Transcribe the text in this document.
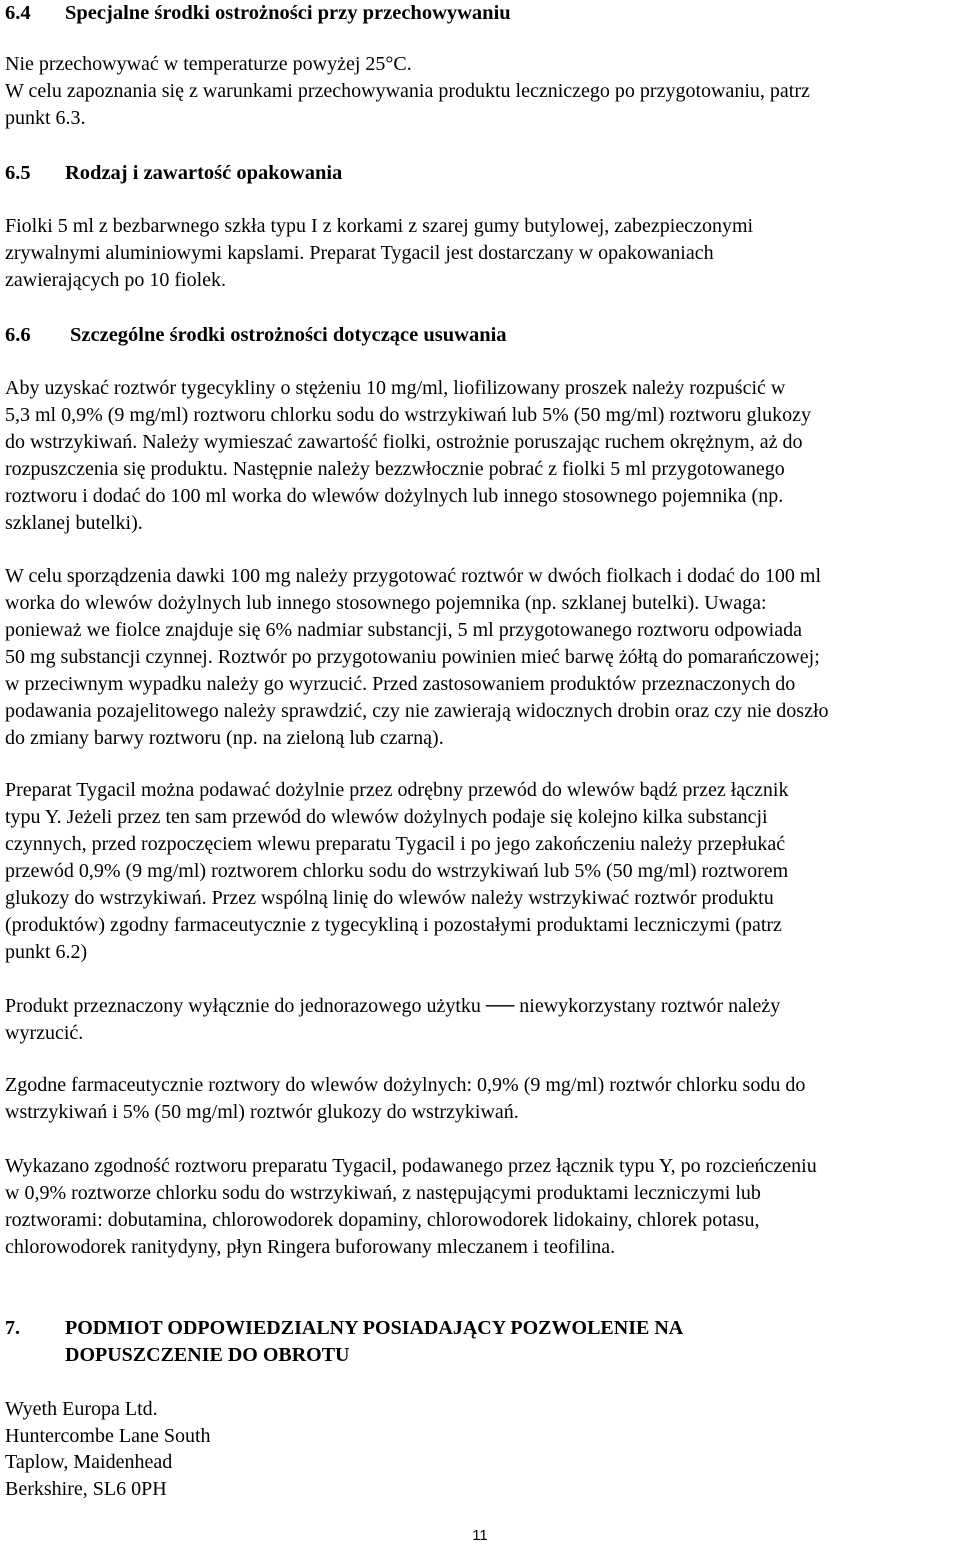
6.4 Specjalne środki ostrożności przy przechowywaniu
Nie przechowywać w temperaturze powyżej 25°C.
W celu zapoznania się z warunkami przechowywania produktu leczniczego po przygotowaniu, patrz
punkt 6.3.
6.5 Rodzaj i zawartość opakowania
Fiolki 5 ml z bezbarwnego szkła typu I z korkami z szarej gumy butylowej, zabezpieczonymi
zrywalnymi aluminiowymi kapslami. Preparat Tygacil jest dostarczany w opakowaniach
zawierających po 10 fiolek.
6.6 Szczególne środki ostrożności dotyczące usuwania
Aby uzyskać roztwór tygecykliny o stężeniu 10 mg/ml, liofilizowany proszek należy rozpuścić w
5,3 ml 0,9% (9 mg/ml) roztworu chlorku sodu do wstrzykiwań lub 5% (50 mg/ml) roztworu glukozy
do wstrzykiwań. Należy wymieszać zawartość fiolki, ostrożnie poruszając ruchem okrężnym, aż do
rozpuszczenia się produktu. Następnie należy bezzwłocznie pobrać z fiolki 5 ml przygotowanego
roztworu i dodać do 100 ml worka do wlewów dożylnych lub innego stosownego pojemnika (np.
szklanej butelki).
W celu sporządzenia dawki 100 mg należy przygotować roztwór w dwóch fiolkach i dodać do 100 ml
worka do wlewów dożylnych lub innego stosownego pojemnika (np. szklanej butelki). Uwaga:
ponieważ we fiolce znajduje się 6% nadmiar substancji, 5 ml przygotowanego roztworu odpowiada
50 mg substancji czynnej. Roztwór po przygotowaniu powinien mieć barwę żółtą do pomarańczowej;
w przeciwnym wypadku należy go wyrzucić. Przed zastosowaniem produktów przeznaczonych do
podawania pozajelitowego należy sprawdzić, czy nie zawierają widocznych drobin oraz czy nie doszło
do zmiany barwy roztworu (np. na zieloną lub czarną).
Preparat Tygacil można podawać dożylnie przez odrębny przewód do wlewów bądź przez łącznik
typu Y. Jeżeli przez ten sam przewód do wlewów dożylnych podaje się kolejno kilka substancji
czynnych, przed rozpoczęciem wlewu preparatu Tygacil i po jego zakończeniu należy przepłukać
przewód 0,9% (9 mg/ml) roztworem chlorku sodu do wstrzykiwań lub 5% (50 mg/ml) roztworem
glukozy do wstrzykiwań. Przez wspólną linię do wlewów należy wstrzykiwać roztwór produktu
(produktów) zgodny farmaceutycznie z tygecykliną i pozostałymi produktami leczniczymi (patrz
punkt 6.2)
Produkt przeznaczony wyłącznie do jednorazowego użytku ── niewykorzystany roztwór należy
wyrzucić.
Zgodne farmaceutycznie roztwory do wlewów dożylnych: 0,9% (9 mg/ml) roztwór chlorku sodu do
wstrzykiwań i 5% (50 mg/ml) roztwór glukozy do wstrzykiwań.
Wykazano zgodność roztworu preparatu Tygacil, podawanego przez łącznik typu Y, po rozcieńczeniu
w 0,9% roztworze chlorku sodu do wstrzykiwań, z następującymi produktami leczniczymi lub
roztworami: dobutamina, chlorowodorek dopaminy, chlorowodorek lidokainy, chlorek potasu,
chlorowodorek ranitydyny, płyn Ringera buforowany mleczanem i teofilina.
7. PODMIOT ODPOWIEDZIALNY POSIADAJĄCY POZWOLENIE NA
DOPUSZCZENIE DO OBROTU
Wyeth Europa Ltd.
Huntercombe Lane South
Taplow, Maidenhead
Berkshire, SL6 0PH
11
